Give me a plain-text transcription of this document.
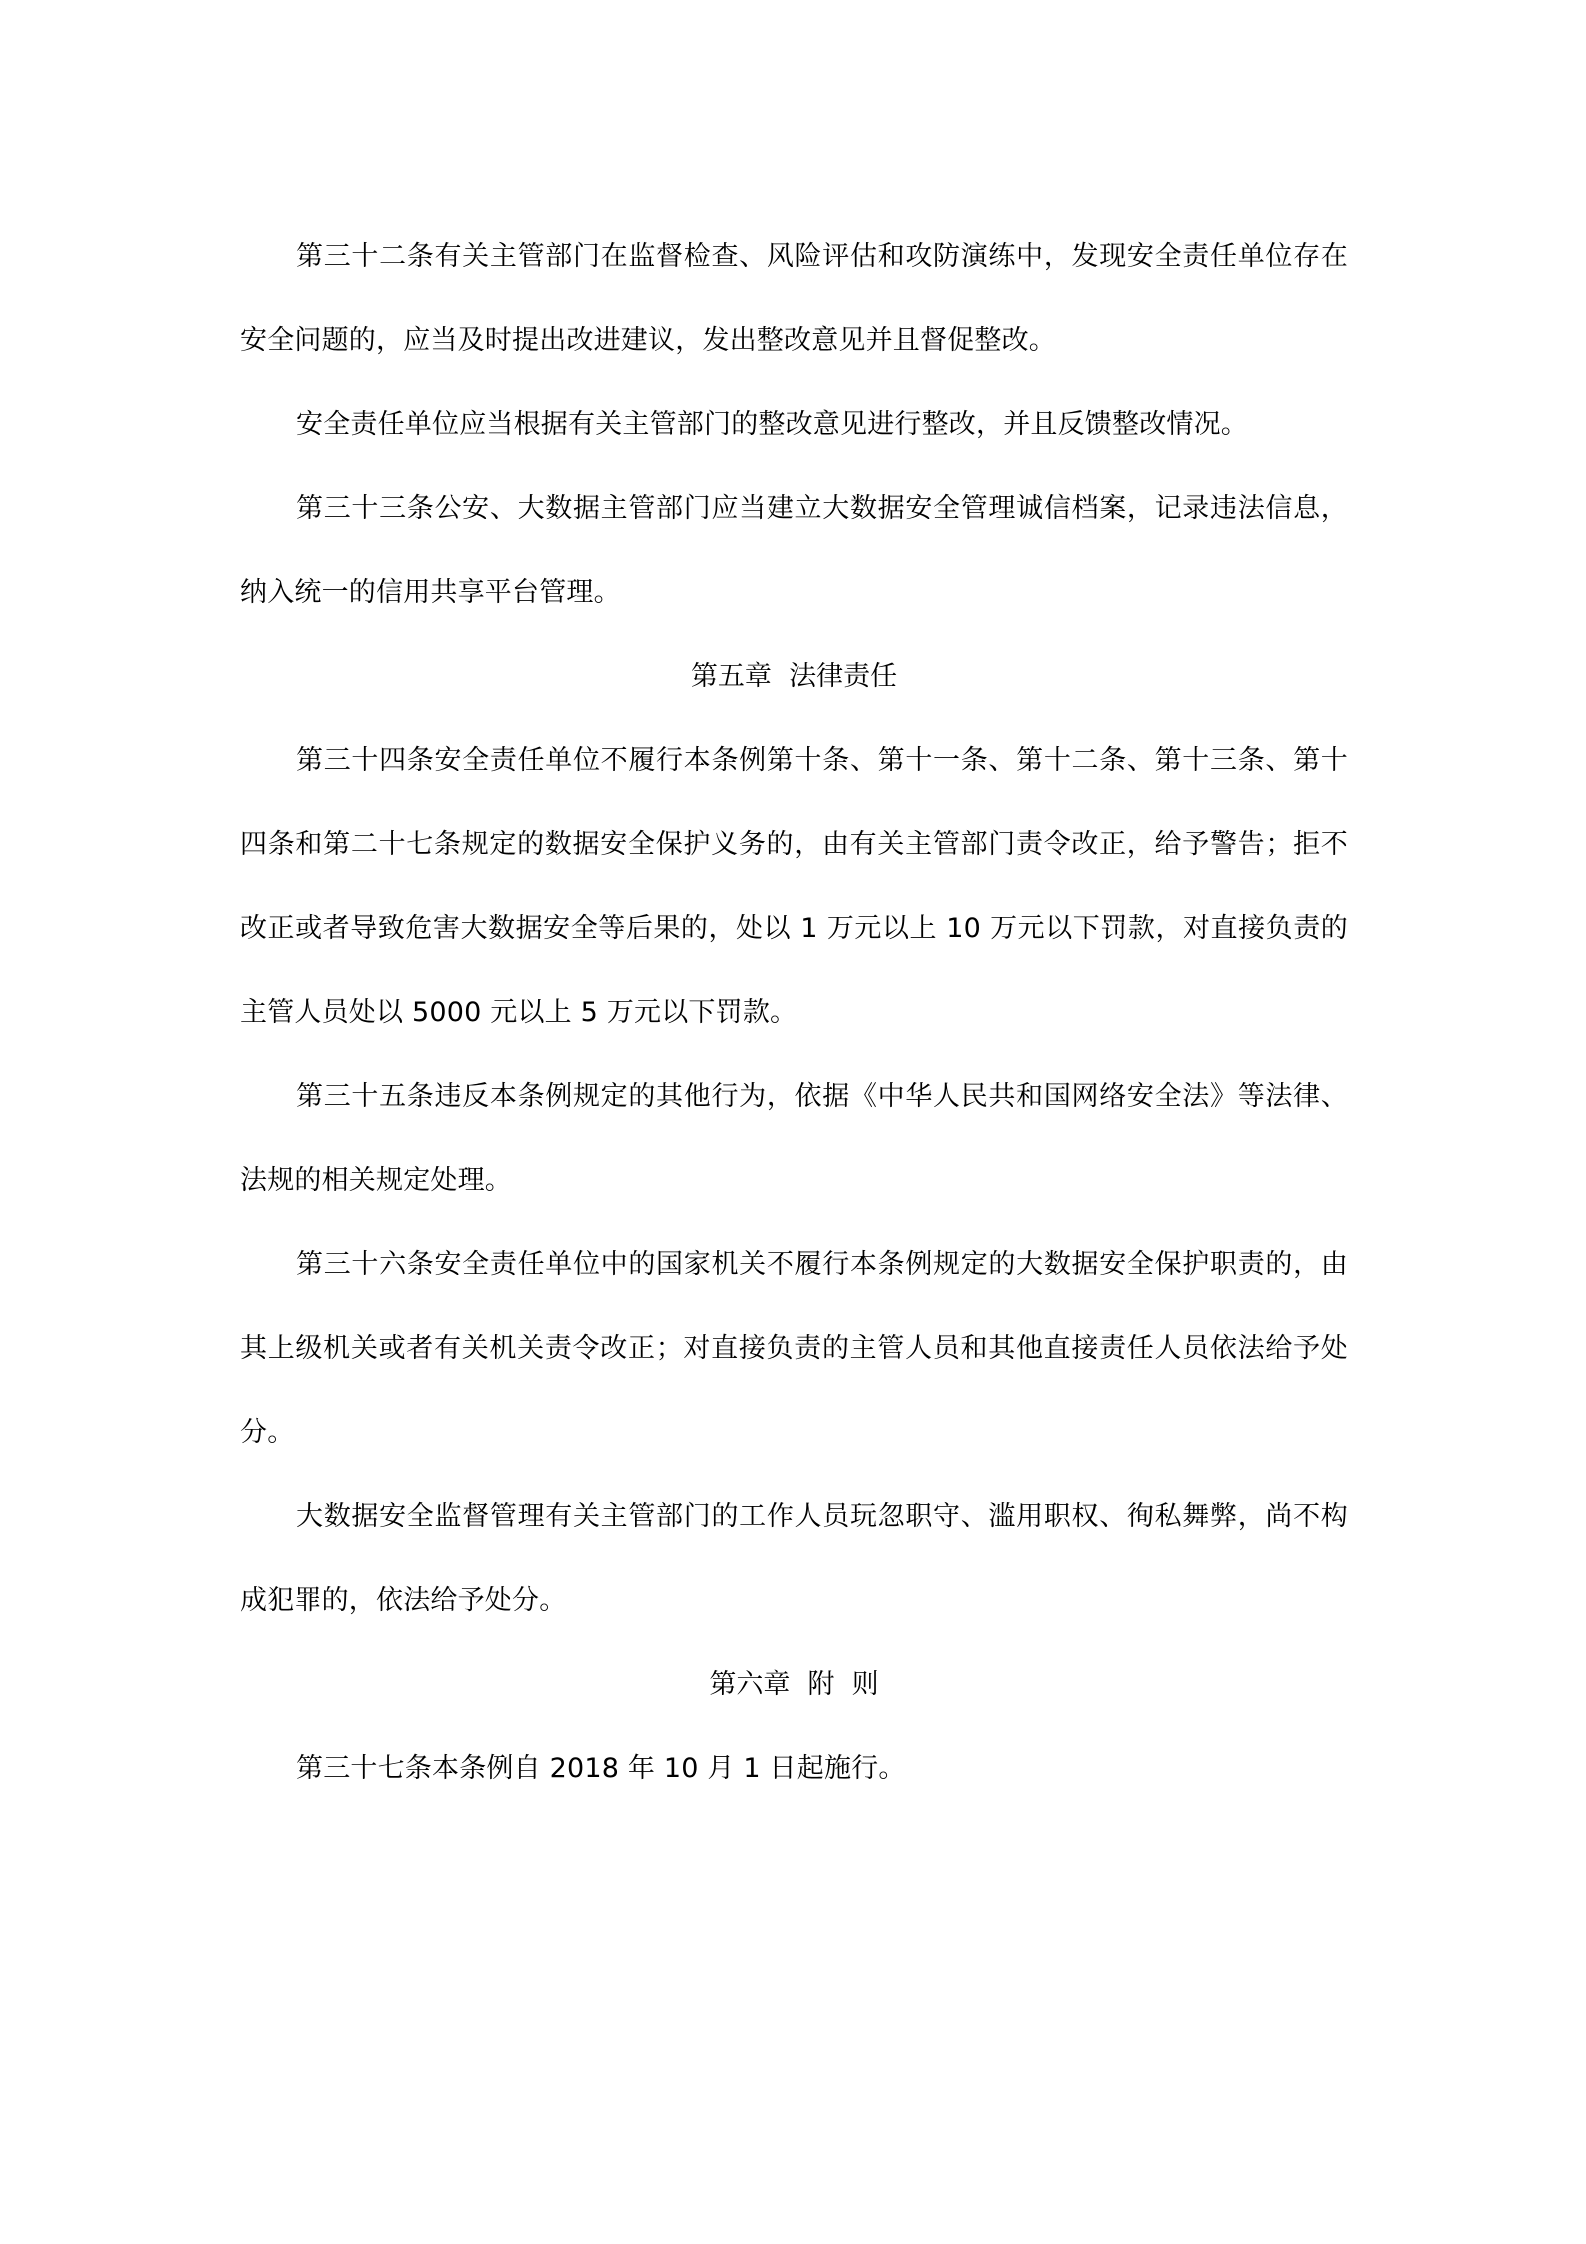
第三十二条有关主管部门在监督检查、风险评估和攻防演练中，发现安全责任单位存在安全问题的，应当及时提出改进建议，发出整改意见并且督促整改。

安全责任单位应当根据有关主管部门的整改意见进行整改，并且反馈整改情况。

第三十三条公安、大数据主管部门应当建立大数据安全管理诚信档案，记录违法信息，纳入统一的信用共享平台管理。

第五章  法律责任

第三十四条安全责任单位不履行本条例第十条、第十一条、第十二条、第十三条、第十四条和第二十七条规定的数据安全保护义务的，由有关主管部门责令改正，给予警告；拒不改正或者导致危害大数据安全等后果的，处以 1 万元以上 10 万元以下罚款，对直接负责的主管人员处以 5000 元以上 5 万元以下罚款。

第三十五条违反本条例规定的其他行为，依据《中华人民共和国网络安全法》等法律、法规的相关规定处理。

第三十六条安全责任单位中的国家机关不履行本条例规定的大数据安全保护职责的，由其上级机关或者有关机关责令改正；对直接负责的主管人员和其他直接责任人员依法给予处分。

大数据安全监督管理有关主管部门的工作人员玩忽职守、滥用职权、徇私舞弊，尚不构成犯罪的，依法给予处分。

第六章  附  则

第三十七条本条例自 2018 年 10 月 1 日起施行。
